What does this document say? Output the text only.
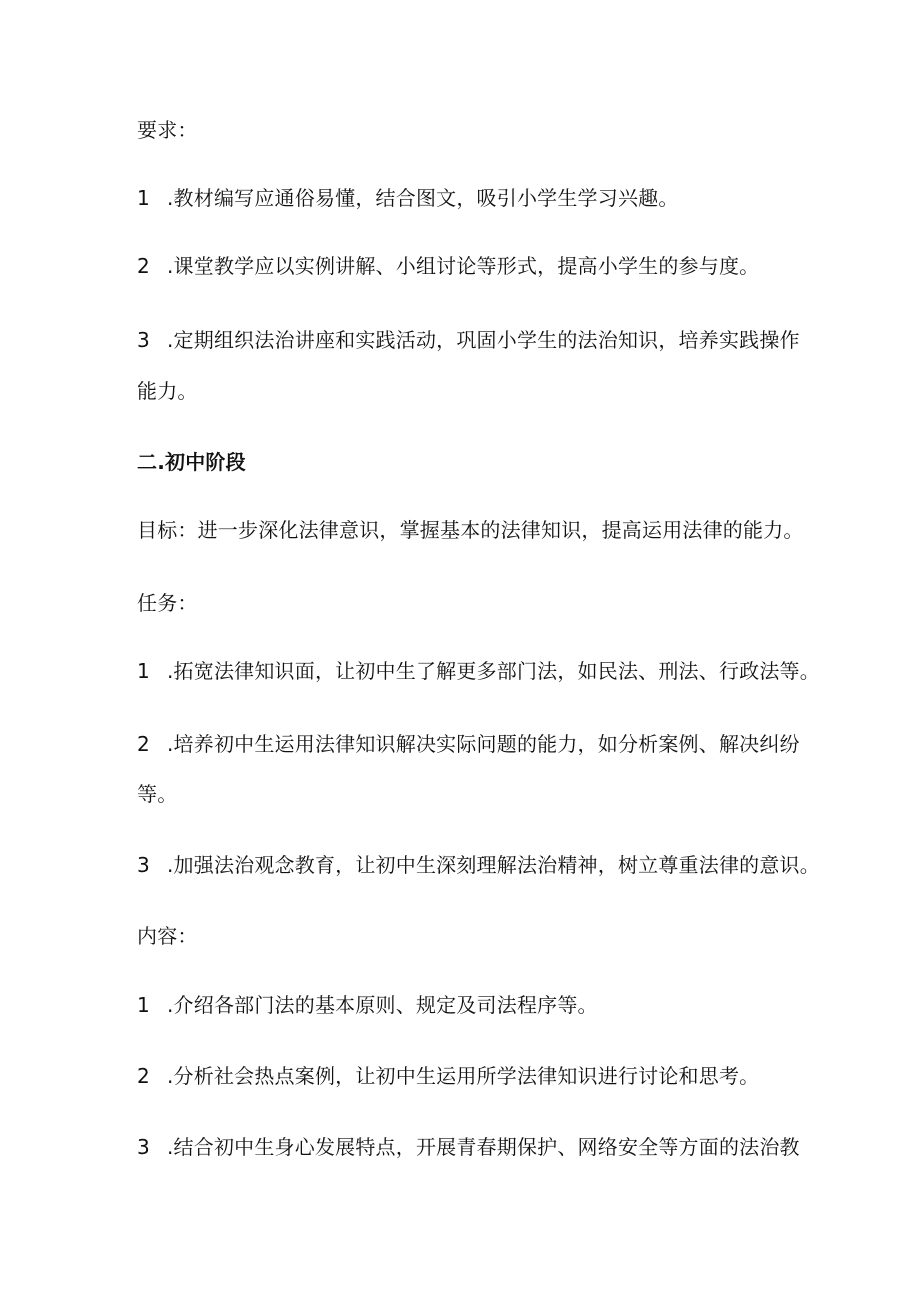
要求：
1 .教材编写应通俗易懂，结合图文，吸引小学生学习兴趣。
2 .课堂教学应以实例讲解、小组讨论等形式，提高小学生的参与度。
3 .定期组织法治讲座和实践活动，巩固小学生的法治知识，培养实践操作
能力。
二.初中阶段
目标：进一步深化法律意识，掌握基本的法律知识，提高运用法律的能力。
任务：
1 .拓宽法律知识面，让初中生了解更多部门法，如民法、刑法、行政法等。
2 .培养初中生运用法律知识解决实际问题的能力，如分析案例、解决纠纷
等。
3 .加强法治观念教育，让初中生深刻理解法治精神，树立尊重法律的意识。
内容：
1 .介绍各部门法的基本原则、规定及司法程序等。
2 .分析社会热点案例，让初中生运用所学法律知识进行讨论和思考。
3 .结合初中生身心发展特点，开展青春期保护、网络安全等方面的法治教
